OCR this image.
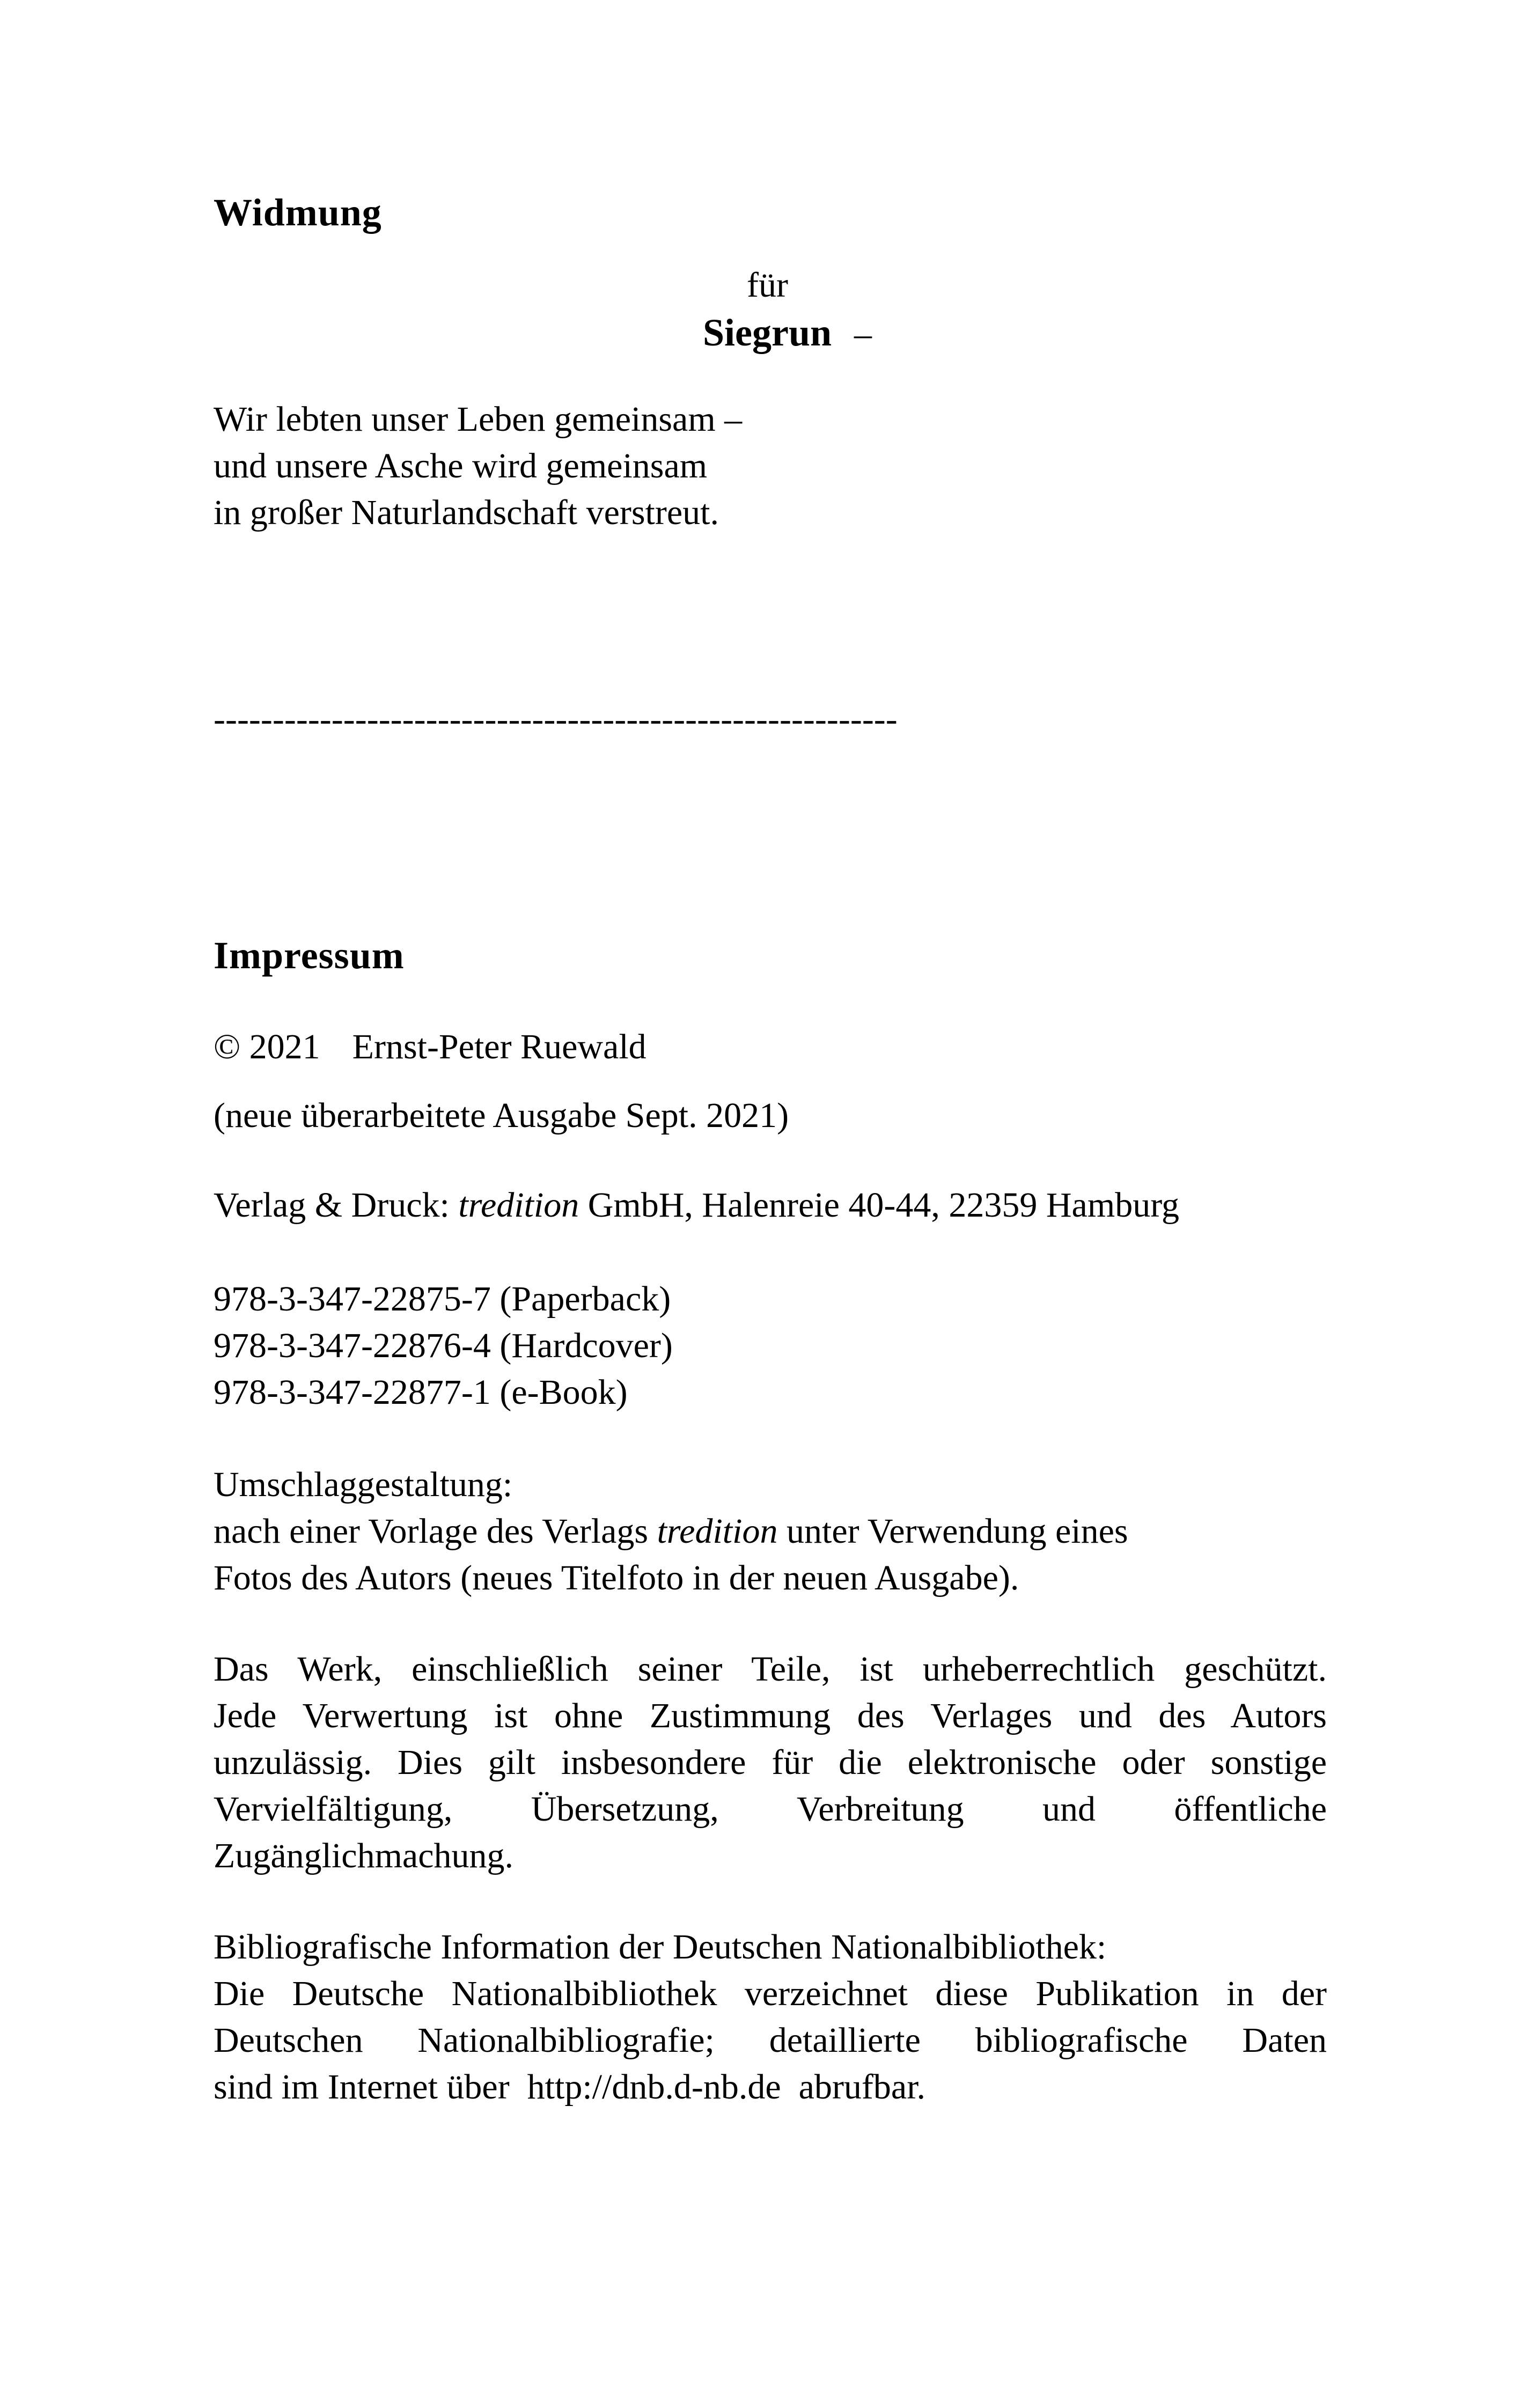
Widmung
für
Siegrun –
Wir lebten unser Leben gemeinsam –
und unsere Asche wird gemeinsam
in großer Naturlandschaft verstreut.
----------------------------------------------------------
Impressum
© 2021 Ernst-Peter Ruewald
(neue überarbeitete Ausgabe Sept. 2021)
Verlag & Druck: tredition GmbH, Halenreie 40-44, 22359 Hamburg
978-3-347-22875-7 (Paperback)
978-3-347-22876-4 (Hardcover)
978-3-347-22877-1 (e-Book)
Umschlaggestaltung:
nach einer Vorlage des Verlags tredition unter Verwendung eines
Fotos des Autors (neues Titelfoto in der neuen Ausgabe).
Das Werk, einschließlich seiner Teile, ist urheberrechtlich geschützt.
Jede Verwertung ist ohne Zustimmung des Verlages und des Autors
unzulässig. Dies gilt insbesondere für die elektronische oder sonstige
Vervielfältigung, Übersetzung, Verbreitung und öffentliche
Zugänglichmachung.
Bibliografische Information der Deutschen Nationalbibliothek:
Die Deutsche Nationalbibliothek verzeichnet diese Publikation in der
Deutschen Nationalbibliografie; detaillierte bibliografische Daten
sind im Internet über  http://dnb.d-nb.de  abrufbar.
